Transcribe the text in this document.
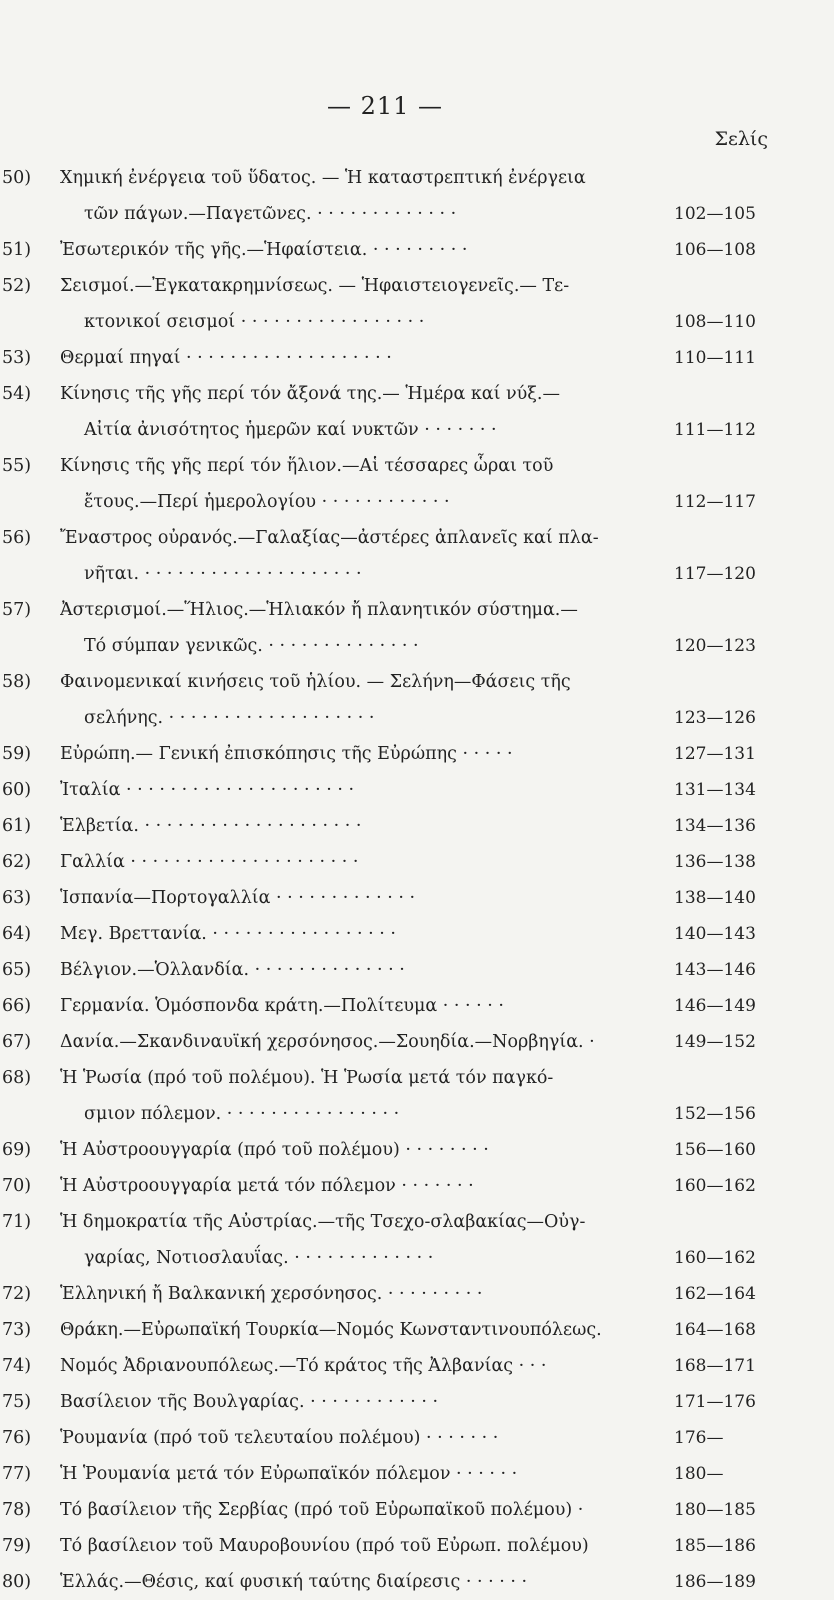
— 211 —
Σελίς
50) Χημική ἐνέργεια τοῦ ὕδατος. — Ἡ καταστρεπτική ἐνέργεια
τῶν πάγων.—Παγετῶνες. · · · · · · · · · · · · ·	102—105
51) Ἐσωτερικόν τῆς γῆς.—Ἡφαίστεια. · · · · · · · · ·	106—108
52) Σεισμοί.—Ἐγκατακρημνίσεως. — Ἡφαιστειογενεῖς.— Τε-
κτονικοί σεισμοί · · · · · · · · · · · · · · · · ·	108—110
53) Θερμαί πηγαί · · · · · · · · · · · · · · · · · · ·	110—111
54) Κίνησις τῆς γῆς περί τόν ἄξονά της.— Ἡμέρα καί νύξ.—
Αἰτία ἀνισότητος ἡμερῶν καί νυκτῶν · · · · · · ·	111—112
55) Κίνησις τῆς γῆς περί τόν ἥλιον.—Αἱ τέσσαρες ὧραι τοῦ
ἔτους.—Περί ἡμερολογίου · · · · · · · · · · · ·	112—117
56) Ἔναστρος οὐρανός.—Γαλαξίας—ἀστέρες ἀπλανεῖς καί πλα-
νῆται. · · · · · · · · · · · · · · · · · · · ·	117—120
57) Ἀστερισμοί.—Ἥλιος.—Ἡλιακόν ἤ πλανητικόν σύστημα.—
Τό σύμπαν γενικῶς. · · · · · · · · · · · · · ·	120—123
58) Φαινομενικαί κινήσεις τοῦ ἡλίου. — Σελήνη—Φάσεις τῆς
σελήνης. · · · · · · · · · · · · · · · · · · ·	123—126
59) Εὐρώπη.— Γενική ἐπισκόπησις τῆς Εὐρώπης · · · · ·	127—131
60) Ἰταλία · · · · · · · · · · · · · · · · · · · · ·	131—134
61) Ἑλβετία. · · · · · · · · · · · · · · · · · · · ·	134—136
62) Γαλλία · · · · · · · · · · · · · · · · · · · · ·	136—138
63) Ἱσπανία—Πορτογαλλία · · · · · · · · · · · · ·	138—140
64) Μεγ. Βρεττανία. · · · · · · · · · · · · · · · · ·	140—143
65) Βέλγιον.—Ὁλλανδία. · · · · · · · · · · · · · ·	143—146
66) Γερμανία. Ὁμόσπονδα κράτη.—Πολίτευμα · · · · · ·	146—149
67) Δανία.—Σκανδιναυϊκή χερσόνησος.—Σουηδία.—Νορβηγία. ·	149—152
68) Ἡ Ῥωσία (πρό τοῦ πολέμου). Ἡ Ῥωσία μετά τόν παγκό-
σμιον πόλεμον. · · · · · · · · · · · · · · · ·	152—156
69) Ἡ Αὐστροουγγαρία (πρό τοῦ πολέμου) · · · · · · · ·	156—160
70) Ἡ Αὐστροουγγαρία μετά τόν πόλεμον · · · · · · ·	160—162
71) Ἡ δημοκρατία τῆς Αὐστρίας.—τῆς Τσεχο-σλαβακίας—Οὐγ-
γαρίας, Νοτιοσλαυΐας. · · · · · · · · · · · · ·	160—162
72) Ἑλληνική ἤ Βαλκανική χερσόνησος. · · · · · · · · ·	162—164
73) Θράκη.—Εὐρωπαϊκή Τουρκία—Νομός Κωνσταντινουπόλεως.	164—168
74) Νομός Ἀδριανουπόλεως.—Τό κράτος τῆς Ἀλβανίας · · ·	168—171
75) Βασίλειον τῆς Βουλγαρίας. · · · · · · · · · · · ·	171—176
76) Ῥουμανία (πρό τοῦ τελευταίου πολέμου) · · · · · · ·	176—
77) Ἡ Ῥουμανία μετά τόν Εὐρωπαϊκόν πόλεμον · · · · · ·	180—
78) Τό βασίλειον τῆς Σερβίας (πρό τοῦ Εὐρωπαϊκοῦ πολέμου) ·	180—185
79) Τό βασίλειον τοῦ Μαυροβουνίου (πρό τοῦ Εὐρωπ. πολέμου)	185—186
80) Ἑλλάς.—Θέσις, καί φυσική ταύτης διαίρεσις · · · · · ·	186—189
